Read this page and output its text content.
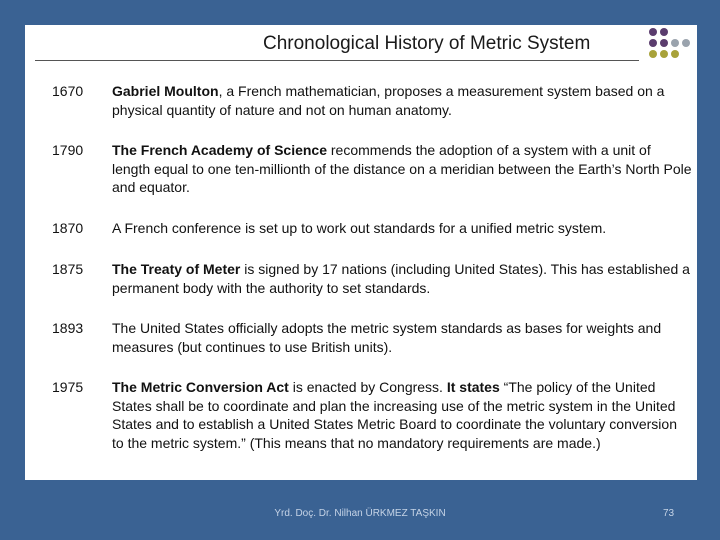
Chronological History of Metric System
1670 Gabriel Moulton, a French mathematician, proposes a measurement system based on a physical quantity of nature and not on human anatomy.
1790 The French Academy of Science recommends the adoption of a system with a unit of length equal to one ten-millionth of the distance on a meridian between the Earth’s North Pole and equator.
1870 A French conference is set up to work out standards for a unified metric system.
1875 The Treaty of Meter is signed by 17 nations (including United States). This has established a permanent body with the authority to set standards.
1893 The United States officially adopts the metric system standards as bases for weights and measures (but continues to use British units).
1975 The Metric Conversion Act is enacted by Congress. It states “The policy of the United States shall be to coordinate and plan the increasing use of the metric system in the United States and to establish a United States Metric Board to coordinate the voluntary conversion to the metric system.” (This means that no mandatory requirements are made.)
Yrd. Doç. Dr. Nilhan ÜRKMEZ TAŞKIN	73
